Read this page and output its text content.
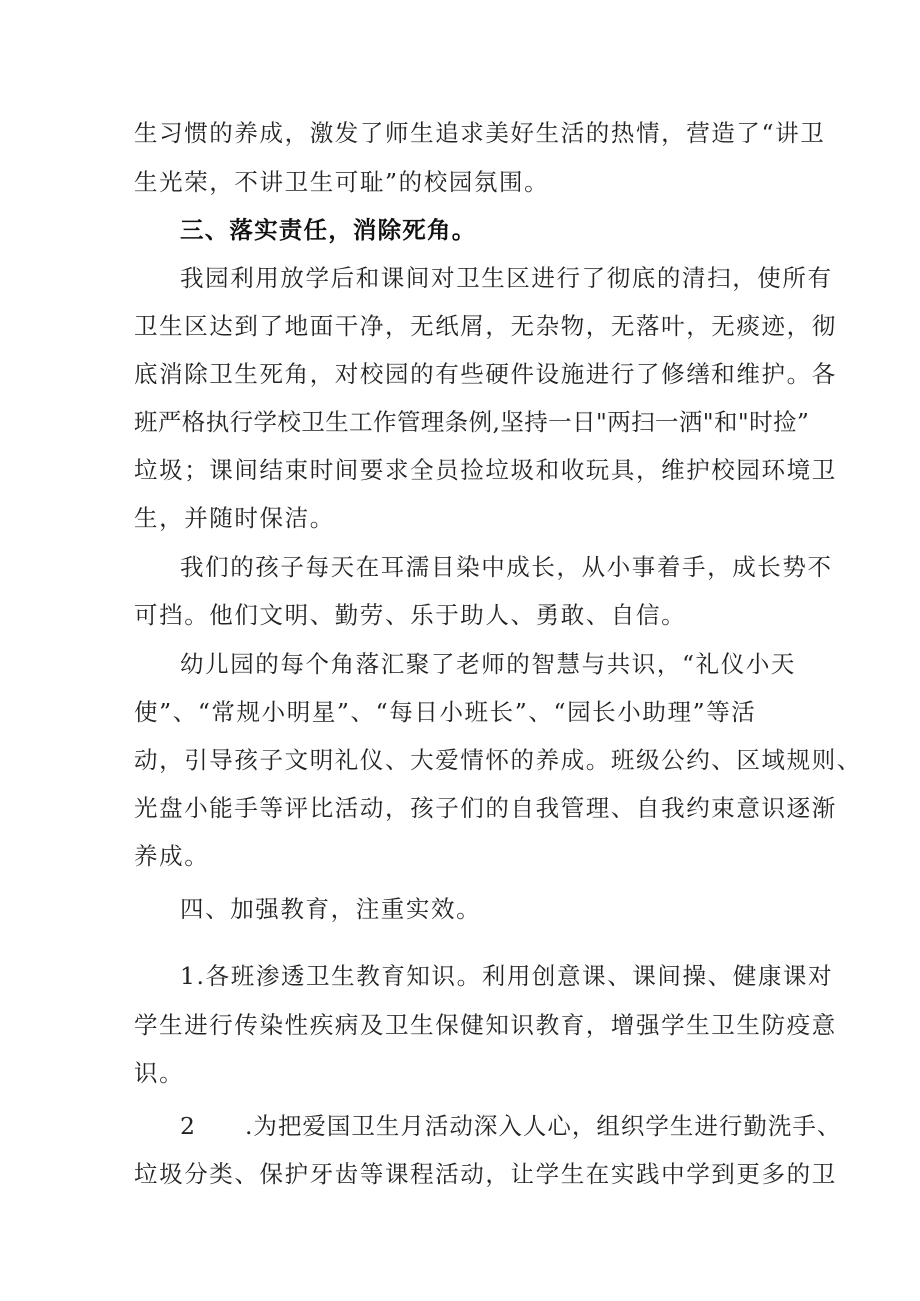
生习惯的养成，激发了师生追求美好生活的热情，营造了“讲卫
生光荣，不讲卫生可耻”的校园氛围。
三、落实责任，消除死角。
我园利用放学后和课间对卫生区进行了彻底的清扫，使所有
卫生区达到了地面干净，无纸屑，无杂物，无落叶，无痰迹，彻
底消除卫生死角，对校园的有些硬件设施进行了修缮和维护。各
班严格执行学校卫生工作管理条例,坚持一日"两扫一洒"和"时捡”
垃圾；课间结束时间要求全员捡垃圾和收玩具，维护校园环境卫
生，并随时保洁。
我们的孩子每天在耳濡目染中成长，从小事着手，成长势不
可挡。他们文明、勤劳、乐于助人、勇敢、自信。
幼儿园的每个角落汇聚了老师的智慧与共识，“礼仪小天
使”、“常规小明星”、“每日小班长”、“园长小助理”等活
动，引导孩子文明礼仪、大爱情怀的养成。班级公约、区域规则、
光盘小能手等评比活动，孩子们的自我管理、自我约束意识逐渐
养成。
四、加强教育，注重实效。
1.各班渗透卫生教育知识。利用创意课、课间操、健康课对
学生进行传染性疾病及卫生保健知识教育，增强学生卫生防疫意
识。
2　　.为把爱国卫生月活动深入人心，组织学生进行勤洗手、
垃圾分类、保护牙齿等课程活动，让学生在实践中学到更多的卫
